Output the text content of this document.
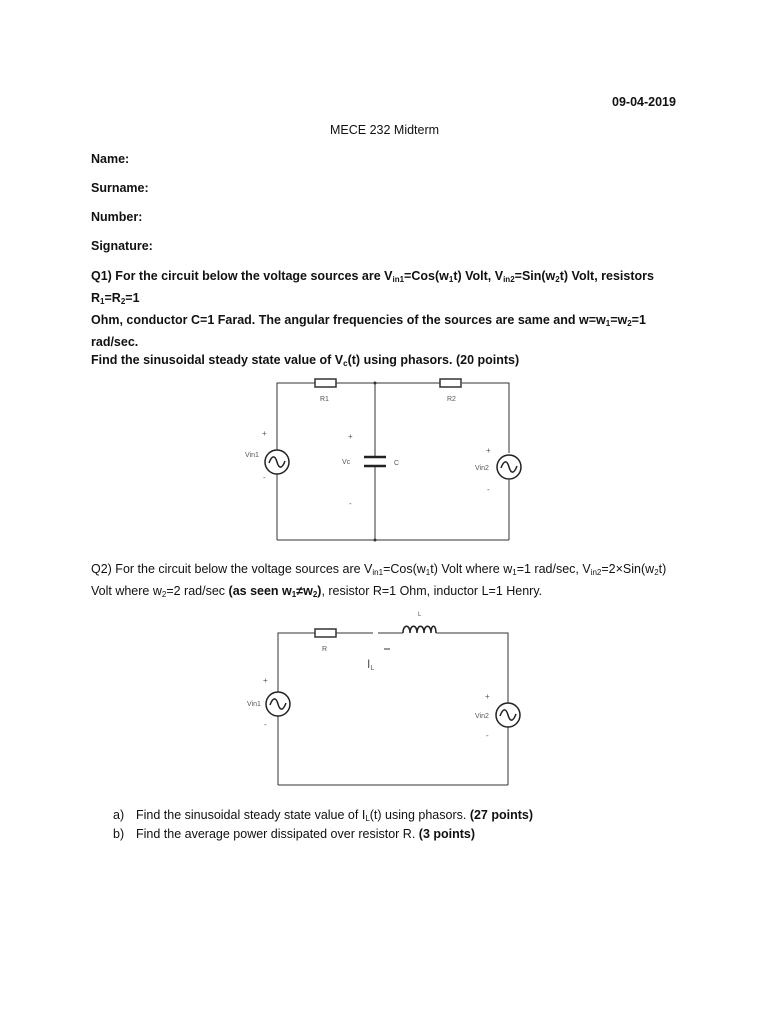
09-04-2019
MECE 232 Midterm
Name:
Surname:
Number:
Signature:
Q1) For the circuit below the voltage sources are $V_{in1}=Cos(w_1t)$ Volt, $V_{in2}=Sin(w_2t)$ Volt, resistors $R_1=R_2=1$
Ohm, conductor C=1 Farad. The angular frequencies of the sources are same and $w=w_1=w_2=1$ rad/sec.
Find the sinusoidal steady state value of $V_c(t)$ using phasors. (20 points)
R1	R2
Vin1
Vin2
Vc	C
+
-
+
-
+
-
Q2) For the circuit below the voltage sources are $V_{in1}=Cos(w_1t)$ Volt where $w_1=1$ rad/sec, $V_{in2}=2\times Sin(w_2t)$
Volt where $w_2=2$ rad/sec (as seen $w_1\ne w_2$), resistor R=1 Ohm, inductor L=1 Henry.
L
R
IL
Vin1
Vin2
+
-
+
-
a) Find the sinusoidal steady state value of $I_L(t)$ using phasors. (27 points)
b) Find the average power dissipated over resistor R. (3 points)
